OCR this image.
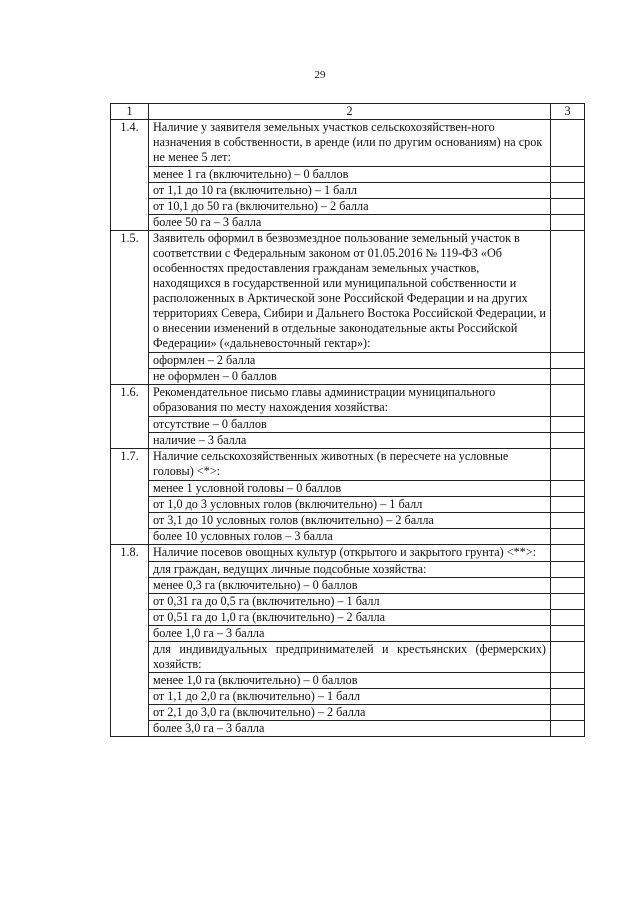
29
1	2	3
1.4.	Наличие у заявителя земельных участков сельскохозяйствен-ного назначения в собственности, в аренде (или по другим основаниям) на срок не менее 5 лет:	
	менее 1 га (включительно) – 0 баллов	
	от 1,1 до 10 га (включительно) – 1 балл	
	от 10,1 до 50 га (включительно) – 2 балла	
	более 50 га – 3 балла	
1.5.	Заявитель оформил в безвозмездное пользование земельный участок в соответствии с Федеральным законом от 01.05.2016 № 119-ФЗ «Об особенностях предоставления гражданам земельных участков, находящихся в государственной или муниципальной собственности и расположенных в Арктической зоне Российской Федерации и на других территориях Севера, Сибири и Дальнего Востока Российской Федерации, и о внесении изменений в отдельные законодательные акты Российской Федерации» («дальневосточный гектар»):	
	оформлен – 2 балла	
	не оформлен – 0 баллов	
1.6.	Рекомендательное письмо главы администрации муниципального образования по месту нахождения хозяйства:	
	отсутствие – 0 баллов	
	наличие – 3 балла	
1.7.	Наличие сельскохозяйственных животных (в пересчете на условные головы) <*>:	
	менее 1 условной головы – 0 баллов	
	от 1,0 до 3 условных голов (включительно) – 1 балл	
	от 3,1 до 10 условных голов (включительно) – 2 балла	
	более 10 условных голов – 3 балла	
1.8.	Наличие посевов овощных культур (открытого и закрытого грунта) <**>:	
	для граждан, ведущих личные подсобные хозяйства:	
	менее 0,3 га (включительно) – 0 баллов	
	от 0,31 га до 0,5 га (включительно) – 1 балл	
	от 0,51 га до 1,0 га (включительно) – 2 балла	
	более 1,0 га – 3 балла	
	для индивидуальных предпринимателей и крестьянских (фермерских) хозяйств:	
	менее 1,0 га (включительно) – 0 баллов	
	от 1,1 до 2,0 га (включительно) – 1 балл	
	от 2,1 до 3,0 га (включительно) – 2 балла	
	более 3,0 га – 3 балла	
